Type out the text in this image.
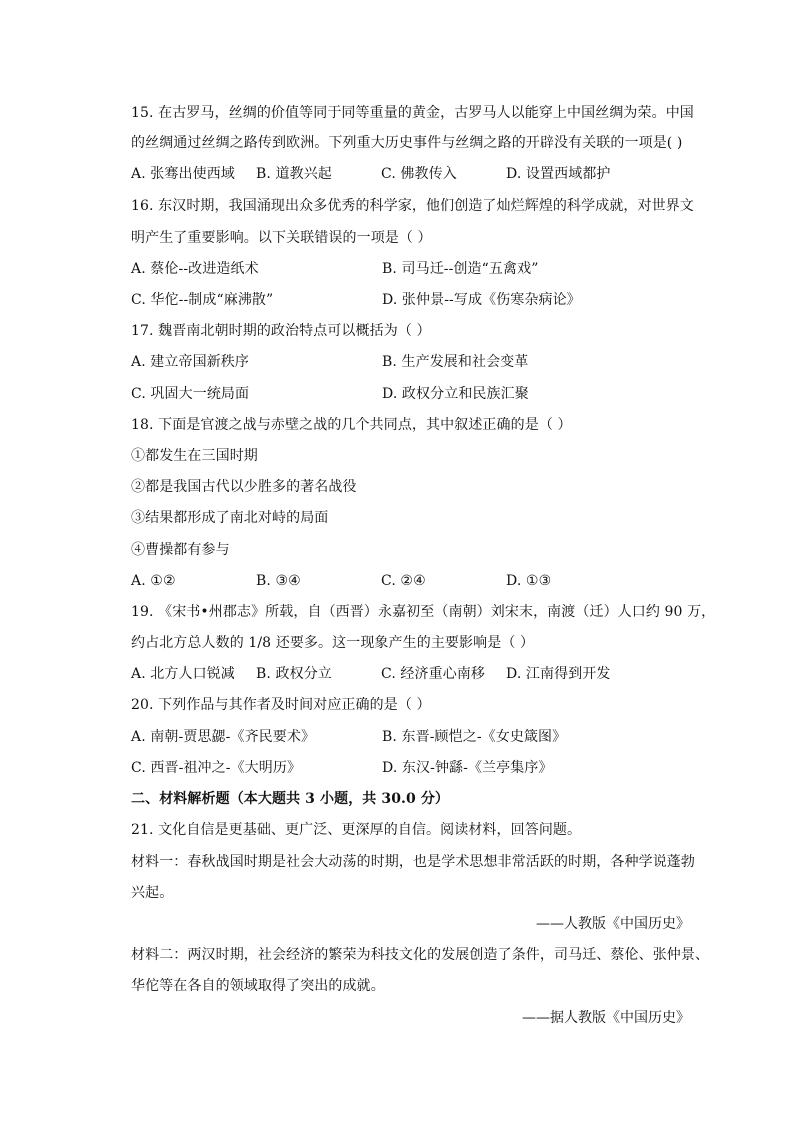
15. 在古罗马，丝绸的价值等同于同等重量的黄金，古罗马人以能穿上中国丝绸为荣。中国
的丝绸通过丝绸之路传到欧洲。下列重大历史事件与丝绸之路的开辟没有关联的一项是( )
A. 张骞出使西域 B. 道教兴起	C. 佛教传入	D. 设置西域都护
16. 东汉时期，我国涌现出众多优秀的科学家，他们创造了灿烂辉煌的科学成就，对世界文
明产生了重要影响。以下关联错误的一项是（ ）
A. 蔡伦--改进造纸术	B. 司马迁--创造“五禽戏”
C. 华佗--制成“麻沸散”	D. 张仲景--写成《伤寒杂病论》
17. 魏晋南北朝时期的政治特点可以概括为（ ）
A. 建立帝国新秩序	B. 生产发展和社会变革
C. 巩固大一统局面	D. 政权分立和民族汇聚
18. 下面是官渡之战与赤壁之战的几个共同点，其中叙述正确的是（ ）
①都发生在三国时期
②都是我国古代以少胜多的著名战役
③结果都形成了南北对峙的局面
④曹操都有参与
A. ①②	B. ③④	C. ②④	D. ①③
19. 《宋书•州郡志》所载，自（西晋）永嘉初至（南朝）刘宋末，南渡（迁）人口约 90 万，
约占北方总人数的 1/8 还要多。这一现象产生的主要影响是（ ）
A. 北方人口锐减 B. 政权分立	C. 经济重心南移 D. 江南得到开发
20. 下列作品与其作者及时间对应正确的是（ ）
A. 南朝-贾思勰-《齐民要术》	B. 东晋-顾恺之-《女史箴图》
C. 西晋-祖冲之-《大明历》	D. 东汉-钟繇-《兰亭集序》
二、材料解析题（本大题共 3 小题，共 30.0 分）
21. 文化自信是更基础、更广泛、更深厚的自信。阅读材料，回答问题。
材料一：春秋战国时期是社会大动荡的时期，也是学术思想非常活跃的时期，各种学说蓬勃
兴起。
——人教版《中国历史》
材料二：两汉时期，社会经济的繁荣为科技文化的发展创造了条件，司马迁、蔡伦、张仲景、
华佗等在各自的领域取得了突出的成就。
——据人教版《中国历史》
